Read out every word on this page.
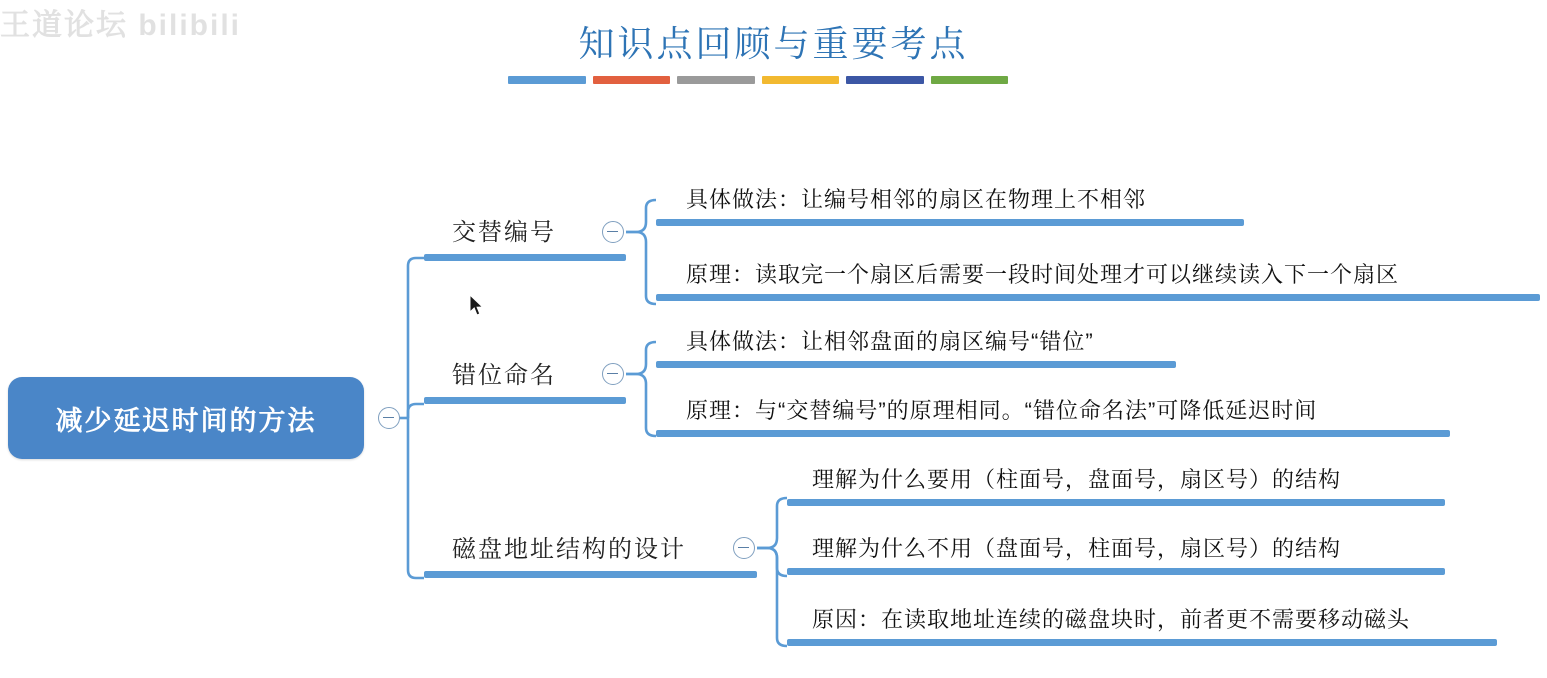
王道论坛 bilibili	知识点回顾与重要考点
减少延迟时间的方法
交替编号
具体做法：让编号相邻的扇区在物理上不相邻
原理：读取完一个扇区后需要一段时间处理才可以继续读入下一个扇区
错位命名
具体做法：让相邻盘面的扇区编号“错位”
原理：与“交替编号”的原理相同。“错位命名法”可降低延迟时间
磁盘地址结构的设计
理解为什么要用（柱面号，盘面号，扇区号）的结构
理解为什么不用（盘面号，柱面号，扇区号）的结构
原因：在读取地址连续的磁盘块时，前者更不需要移动磁头
